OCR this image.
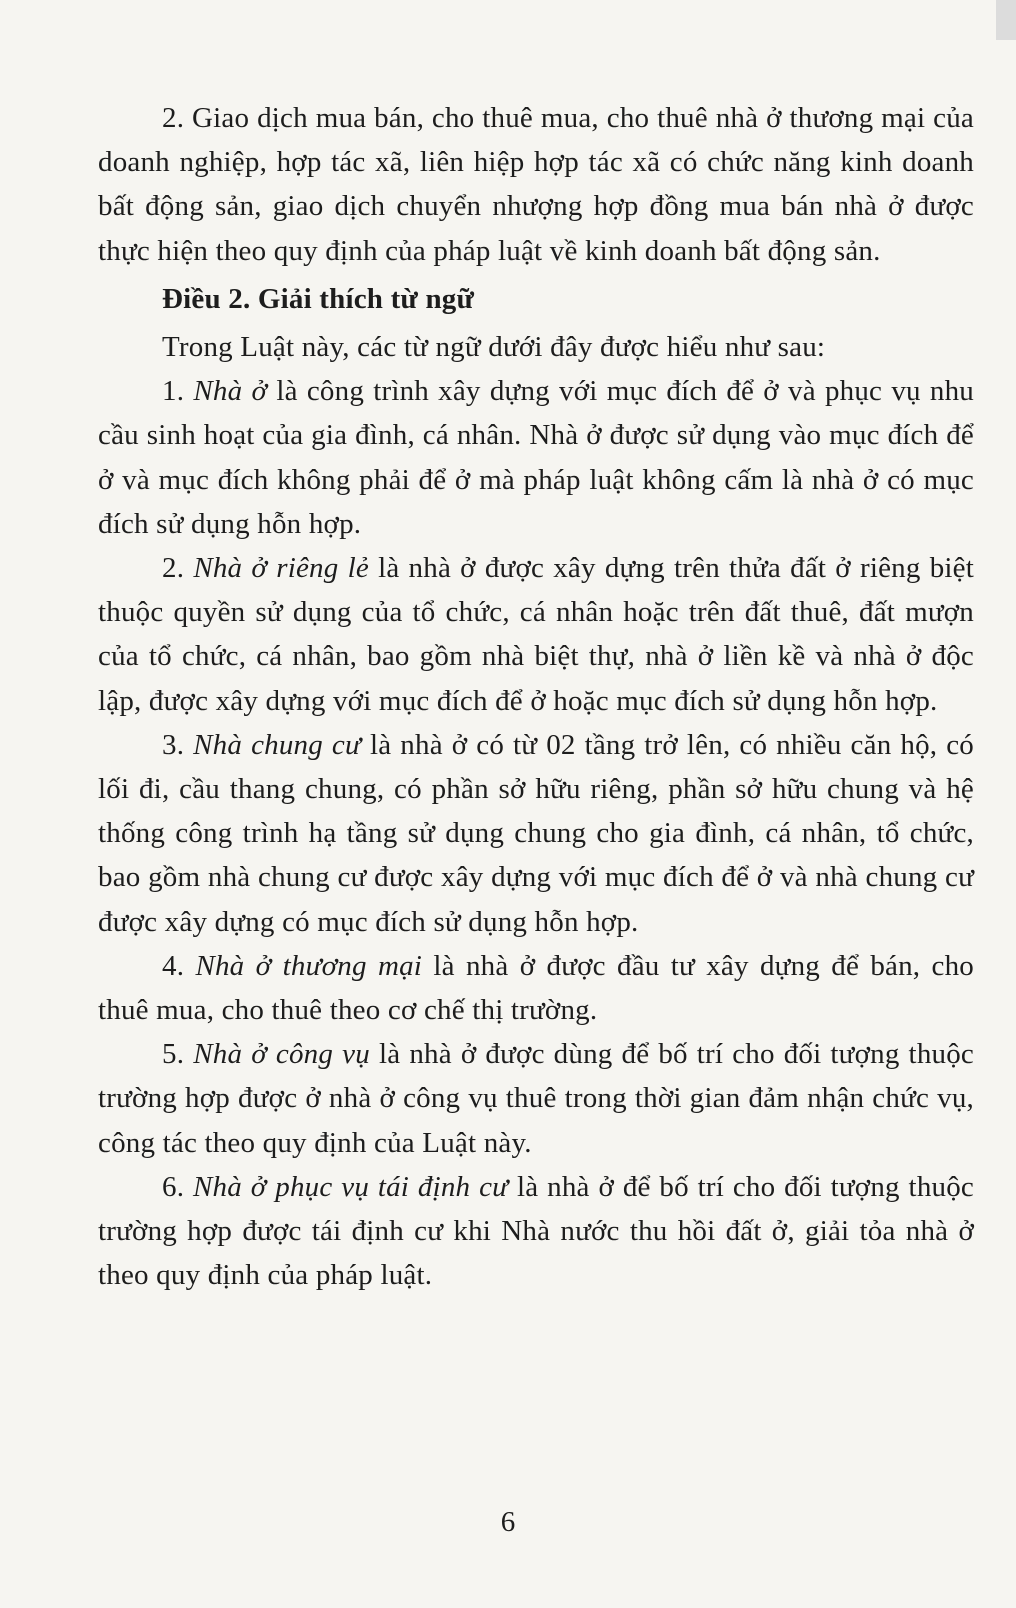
2. Giao dịch mua bán, cho thuê mua, cho thuê nhà ở thương mại của doanh nghiệp, hợp tác xã, liên hiệp hợp tác xã có chức năng kinh doanh bất động sản, giao dịch chuyển nhượng hợp đồng mua bán nhà ở được thực hiện theo quy định của pháp luật về kinh doanh bất động sản.

Điều 2. Giải thích từ ngữ

Trong Luật này, các từ ngữ dưới đây được hiểu như sau:

1. Nhà ở là công trình xây dựng với mục đích để ở và phục vụ nhu cầu sinh hoạt của gia đình, cá nhân. Nhà ở được sử dụng vào mục đích để ở và mục đích không phải để ở mà pháp luật không cấm là nhà ở có mục đích sử dụng hỗn hợp.

2. Nhà ở riêng lẻ là nhà ở được xây dựng trên thửa đất ở riêng biệt thuộc quyền sử dụng của tổ chức, cá nhân hoặc trên đất thuê, đất mượn của tổ chức, cá nhân, bao gồm nhà biệt thự, nhà ở liền kề và nhà ở độc lập, được xây dựng với mục đích để ở hoặc mục đích sử dụng hỗn hợp.

3. Nhà chung cư là nhà ở có từ 02 tầng trở lên, có nhiều căn hộ, có lối đi, cầu thang chung, có phần sở hữu riêng, phần sở hữu chung và hệ thống công trình hạ tầng sử dụng chung cho gia đình, cá nhân, tổ chức, bao gồm nhà chung cư được xây dựng với mục đích để ở và nhà chung cư được xây dựng có mục đích sử dụng hỗn hợp.

4. Nhà ở thương mại là nhà ở được đầu tư xây dựng để bán, cho thuê mua, cho thuê theo cơ chế thị trường.

5. Nhà ở công vụ là nhà ở được dùng để bố trí cho đối tượng thuộc trường hợp được ở nhà ở công vụ thuê trong thời gian đảm nhận chức vụ, công tác theo quy định của Luật này.

6. Nhà ở phục vụ tái định cư là nhà ở để bố trí cho đối tượng thuộc trường hợp được tái định cư khi Nhà nước thu hồi đất ở, giải tỏa nhà ở theo quy định của pháp luật.

6
